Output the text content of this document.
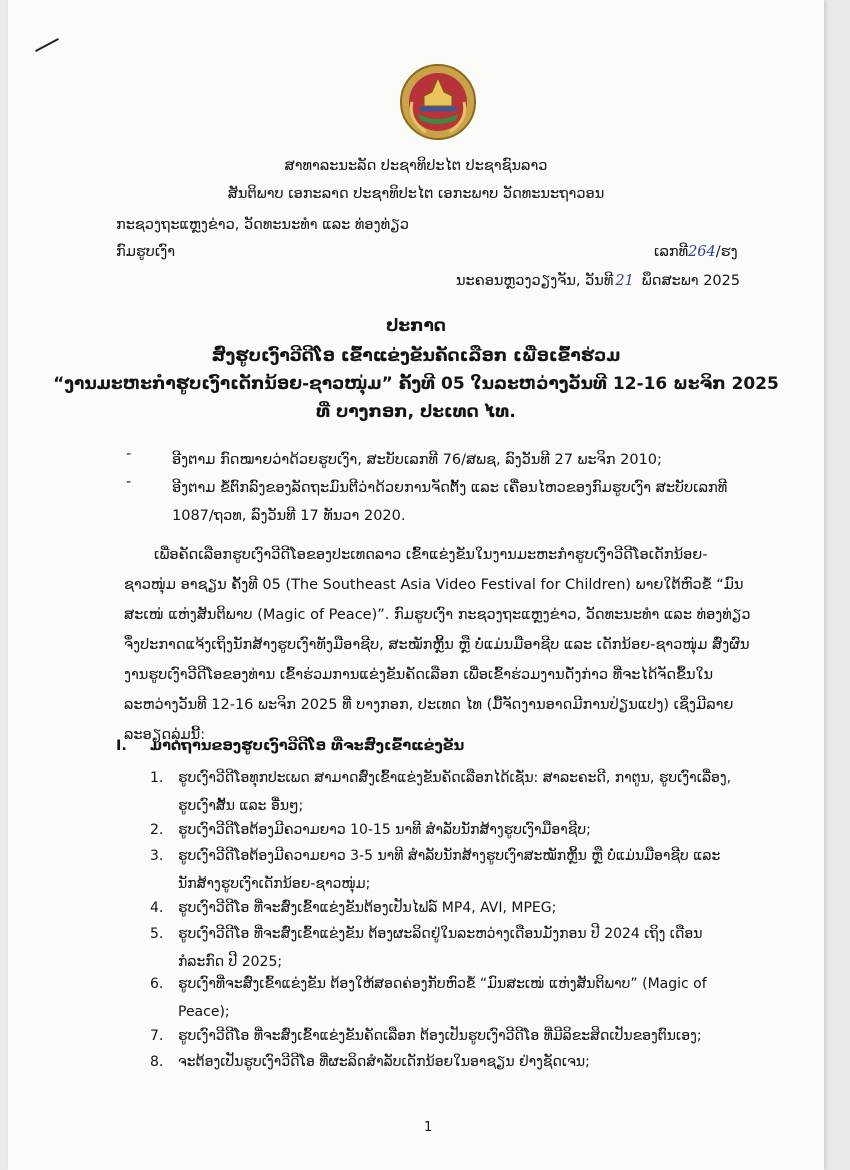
ສາທາລະນະລັດ ປະຊາທິປະໄຕ ປະຊາຊົນລາວ
ສັນຕິພາບ ເອກະລາດ ປະຊາທິປະໄຕ ເອກະພາບ ວັດທະນະຖາວອນ
ກະຊວງຖະແຫຼງຂ່າວ, ວັດທະນະທຳ ແລະ ທ່ອງທ່ຽວ
ກົມຮູບເງົາ	ເລກທີ264/ຮງ
ນະຄອນຫຼວງວຽງຈັນ, ວັນທີ 21 ພຶດສະພາ 2025
ປະກາດ
ສົ່ງຮູບເງົາວີດີໂອ ເຂົ້າແຂ່ງຂັນຄັດເລືອກ ເພື່ອເຂົ້າຮ່ວມ
“ງານມະຫະກຳຮູບເງົາເດັກນ້ອຍ-ຊາວໜຸ່ມ” ຄັ້ງທີ 05 ໃນລະຫວ່າງວັນທີ 12-16 ພະຈິກ 2025
ທີ່ ບາງກອກ, ປະເທດ ໄທ.
-	ອີງຕາມ ກົດໝາຍວ່າດ້ວຍຮູບເງົາ, ສະບັບເລກທີ 76/ສພຊ, ລົງວັນທີ 27 ພະຈິກ 2010;
-	ອີງຕາມ ຂໍ້ຕົກລົງຂອງລັດຖະມົນຕີວ່າດ້ວຍການຈັດຕັ້ງ ແລະ ເຄື່ອນໄຫວຂອງກົມຮູບເງົາ ສະບັບເລກທີ 1087/ຖວທ, ລົງວັນທີ 17 ທັນວາ 2020.
ເພື່ອຄັດເລືອກຮູບເງົາວີດີໂອຂອງປະເທດລາວ ເຂົ້າແຂ່ງຂັນໃນງານມະຫະກຳຮູບເງົາວີດີໂອເດັກນ້ອຍ-ຊາວໜຸ່ມ ອາຊຽນ ຄັ້ງທີ 05 (The Southeast Asia Video Festival for Children) ພາຍໃຕ້ຫົວຂໍ້ “ມົນສະເໜ່ ແຫ່ງສັນຕິພາບ (Magic of Peace)”. ກົມຮູບເງົາ ກະຊວງຖະແຫຼງຂ່າວ, ວັດທະນະທຳ ແລະ ທ່ອງທ່ຽວ ຈຶ່ງປະກາດແຈ້ງເຖິງນັກສ້າງຮູບເງົາທັງມືອາຊີບ, ສະໝັກຫຼິ້ນ ຫຼື ບໍ່ແມ່ນມືອາຊີບ ແລະ ເດັກນ້ອຍ-ຊາວໜຸ່ມ ສົ່ງຜົນງານຮູບເງົາວີດີໂອຂອງທ່ານ ເຂົ້າຮ່ວມການແຂ່ງຂັນຄັດເລືອກ ເພື່ອເຂົ້າຮ່ວມງານດັ່ງກ່າວ ທີ່ຈະໄດ້ຈັດຂຶ້ນໃນລະຫວ່າງວັນທີ 12-16 ພະຈິກ 2025 ທີ່ ບາງກອກ, ປະເທດ ໄທ (ມື້ຈັດງານອາດມີການປ່ຽນແປງ) ເຊິ່ງມີລາຍລະອຽດລຸ່ມນີ້:
I. ມາດຖານຂອງຮູບເງົາວີດີໂອ ທີ່ຈະສົ່ງເຂົ້າແຂ່ງຂັນ
1. ຮູບເງົາວີດີໂອທຸກປະເພດ ສາມາດສົ່ງເຂົ້າແຂ່ງຂັນຄັດເລືອກໄດ້ເຊັ່ນ: ສາລະຄະດີ, ກາຕູນ, ຮູບເງົາເລື່ອງ, ຮູບເງົາສັ້ນ ແລະ ອື່ນໆ;
2. ຮູບເງົາວີດີໂອຕ້ອງມີຄວາມຍາວ 10-15 ນາທີ ສຳລັບນັກສ້າງຮູບເງົາມືອາຊີບ;
3. ຮູບເງົາວີດີໂອຕ້ອງມີຄວາມຍາວ 3-5 ນາທີ ສຳລັບນັກສ້າງຮູບເງົາສະໝັກຫຼິ້ນ ຫຼື ບໍ່ແມ່ນມືອາຊີບ ແລະ ນັກສ້າງຮູບເງົາເດັກນ້ອຍ-ຊາວໜຸ່ມ;
4. ຮູບເງົາວີດີໂອ ທີ່ຈະສົ່ງເຂົ້າແຂ່ງຂັນຕ້ອງເປັນໄຟລ໌ MP4, AVI, MPEG;
5. ຮູບເງົາວີດີໂອ ທີ່ຈະສົ່ງເຂົ້າແຂ່ງຂັນ ຕ້ອງຜະລິດຢູ່ໃນລະຫວ່າງເດືອນມັງກອນ ປີ 2024 ເຖິງ ເດືອນກໍລະກົດ ປີ 2025;
6. ຮູບເງົາທີ່ຈະສົ່ງເຂົ້າແຂ່ງຂັນ ຕ້ອງໃຫ້ສອດຄ່ອງກັບຫົວຂໍ້ “ມົນສະເໜ່ ແຫ່ງສັນຕິພາບ” (Magic of Peace);
7. ຮູບເງົາວີດີໂອ ທີ່ຈະສົ່ງເຂົ້າແຂ່ງຂັນຄັດເລືອກ ຕ້ອງເປັນຮູບເງົາວີດີໂອ ທີ່ມີລິຂະສິດເປັນຂອງຕົນເອງ;
8. ຈະຕ້ອງເປັນຮູບເງົາວີດີໂອ ທີ່ຜະລິດສຳລັບເດັກນ້ອຍໃນອາຊຽນ ຢ່າງຊັດເຈນ;
1
